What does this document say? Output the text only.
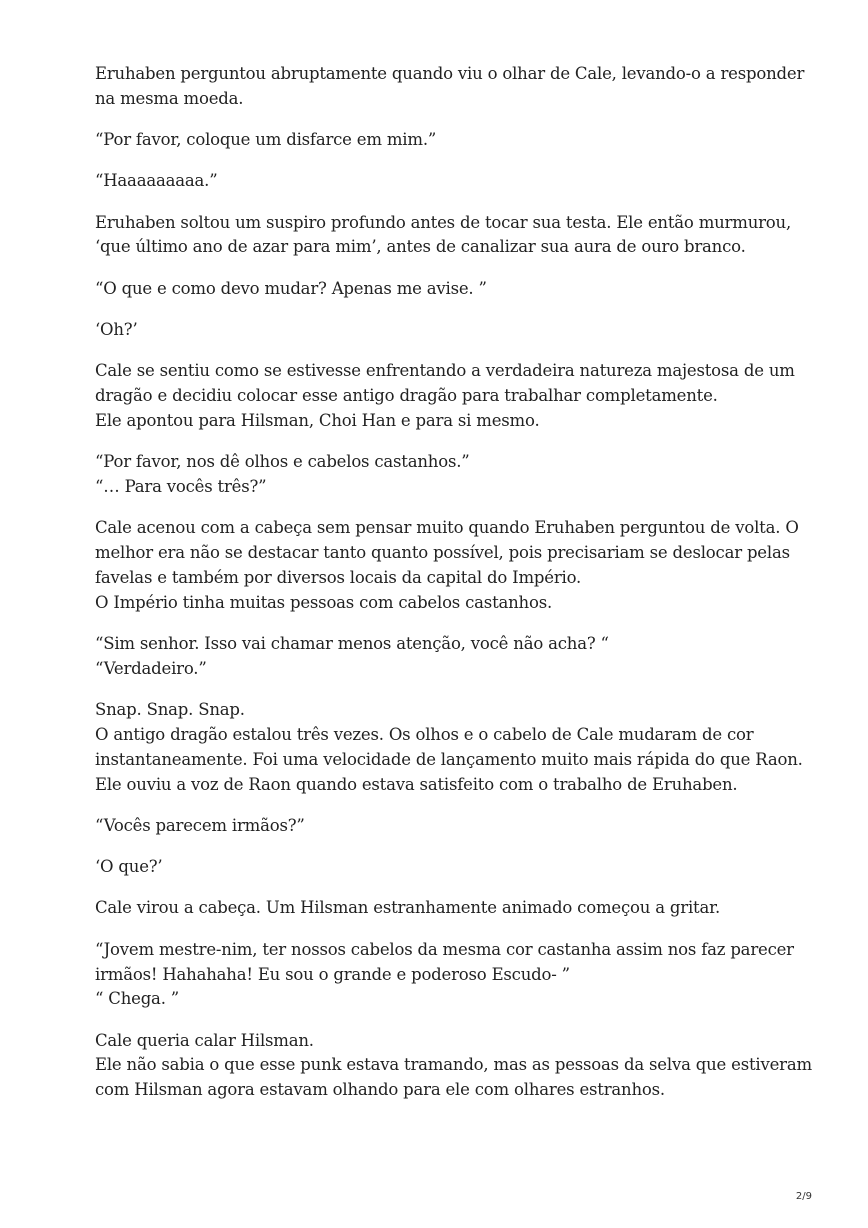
Eruhaben perguntou abruptamente quando viu o olhar de Cale, levando-o a responder
na mesma moeda.
“Por favor, coloque um disfarce em mim.”
“Haaaaaaaaa.”
Eruhaben soltou um suspiro profundo antes de tocar sua testa. Ele então murmurou,
‘que último ano de azar para mim’, antes de canalizar sua aura de ouro branco.
“O que e como devo mudar? Apenas me avise. ”
‘Oh?’
Cale se sentiu como se estivesse enfrentando a verdadeira natureza majestosa de um
dragão e decidiu colocar esse antigo dragão para trabalhar completamente.
Ele apontou para Hilsman, Choi Han e para si mesmo.
“Por favor, nos dê olhos e cabelos castanhos.”
“… Para vocês três?”
Cale acenou com a cabeça sem pensar muito quando Eruhaben perguntou de volta. O
melhor era não se destacar tanto quanto possível, pois precisariam se deslocar pelas
favelas e também por diversos locais da capital do Império.
O Império tinha muitas pessoas com cabelos castanhos.
“Sim senhor. Isso vai chamar menos atenção, você não acha? “
“Verdadeiro.”
Snap. Snap. Snap.
O antigo dragão estalou três vezes. Os olhos e o cabelo de Cale mudaram de cor
instantaneamente. Foi uma velocidade de lançamento muito mais rápida do que Raon.
Ele ouviu a voz de Raon quando estava satisfeito com o trabalho de Eruhaben.
“Vocês parecem irmãos?”
‘O que?’
Cale virou a cabeça. Um Hilsman estranhamente animado começou a gritar.
“Jovem mestre-nim, ter nossos cabelos da mesma cor castanha assim nos faz parecer
irmãos! Hahahaha! Eu sou o grande e poderoso Escudo- ”
“ Chega. ”
Cale queria calar Hilsman.
Ele não sabia o que esse punk estava tramando, mas as pessoas da selva que estiveram
com Hilsman agora estavam olhando para ele com olhares estranhos.
2/9
